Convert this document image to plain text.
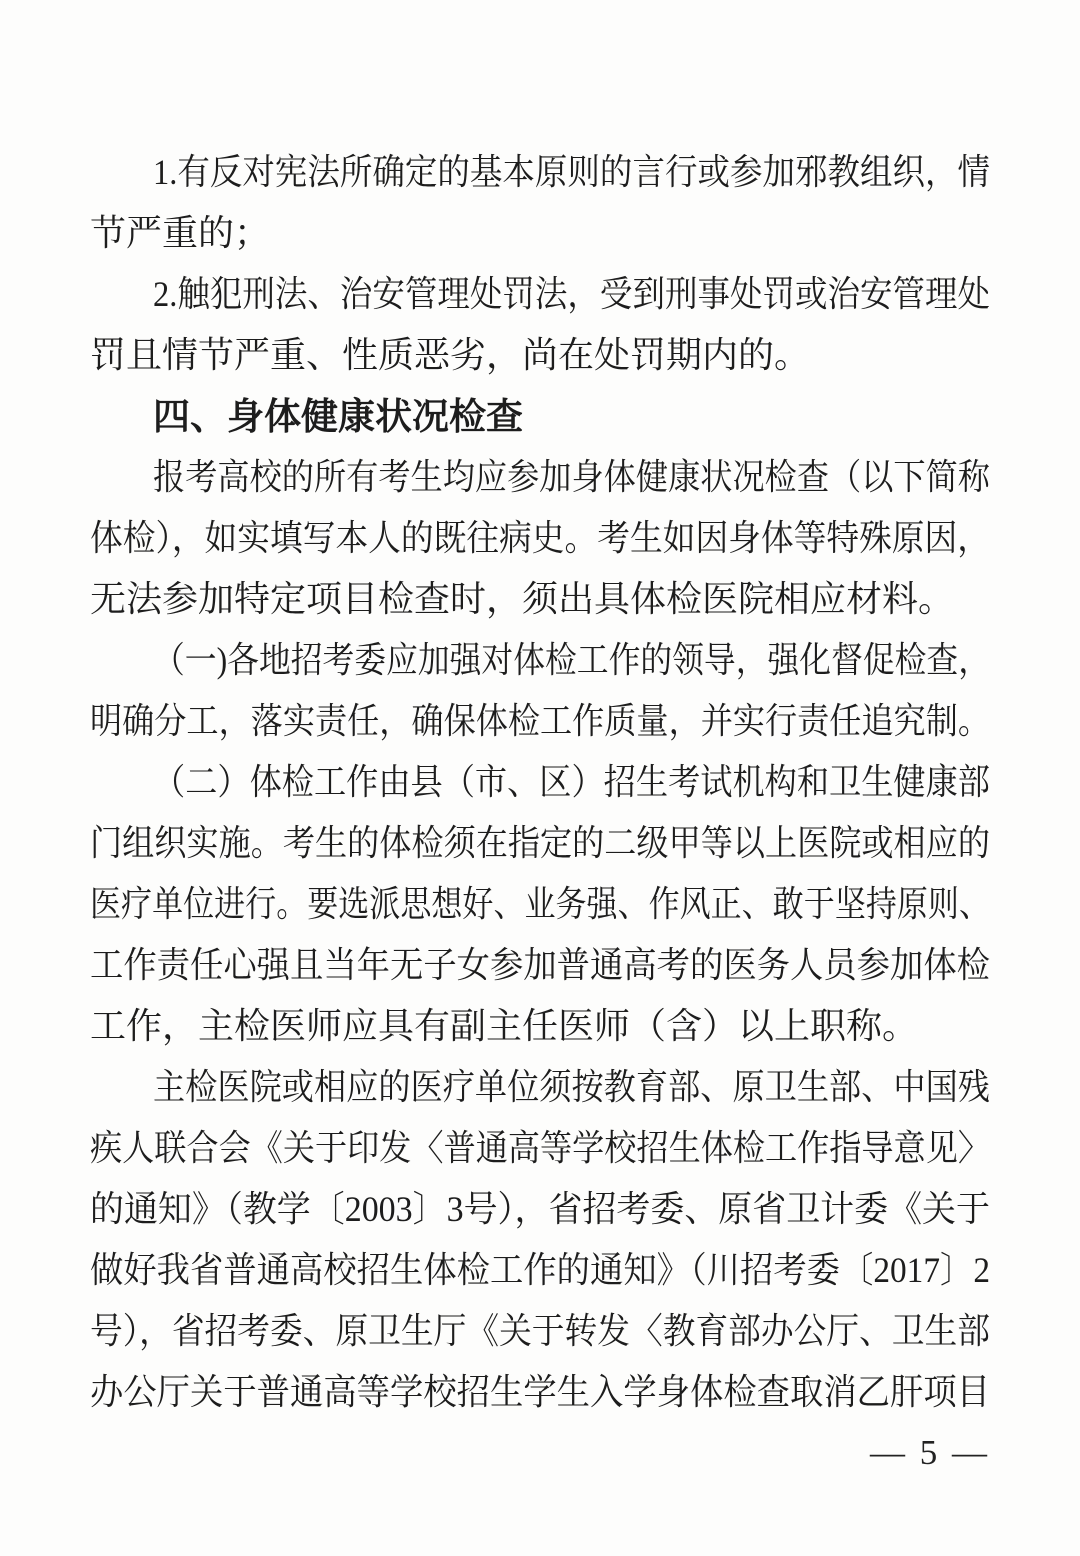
1.有反对宪法所确定的基本原则的言行或参加邪教组织，情
节严重的；
2.触犯刑法、治安管理处罚法，受到刑事处罚或治安管理处
罚且情节严重、性质恶劣，尚在处罚期内的。
四、身体健康状况检查
报考高校的所有考生均应参加身体健康状况检查（以下简称
体检），如实填写本人的既往病史。考生如因身体等特殊原因，
无法参加特定项目检查时，须出具体检医院相应材料。
（一)各地招考委应加强对体检工作的领导，强化督促检查，
明确分工，落实责任，确保体检工作质量，并实行责任追究制。
（二）体检工作由县（市、区）招生考试机构和卫生健康部
门组织实施。考生的体检须在指定的二级甲等以上医院或相应的
医疗单位进行。要选派思想好、业务强、作风正、敢于坚持原则、
工作责任心强且当年无子女参加普通高考的医务人员参加体检
工作，主检医师应具有副主任医师（含）以上职称。
主检医院或相应的医疗单位须按教育部、原卫生部、中国残
疾人联合会《关于印发〈普通高等学校招生体检工作指导意见〉
的通知》（教学〔2003〕3号），省招考委、原省卫计委《关于
做好我省普通高校招生体检工作的通知》（川招考委〔2017〕2
号），省招考委、原卫生厅《关于转发〈教育部办公厅、卫生部
办公厅关于普通高等学校招生学生入学身体检查取消乙肝项目
— 5 —
